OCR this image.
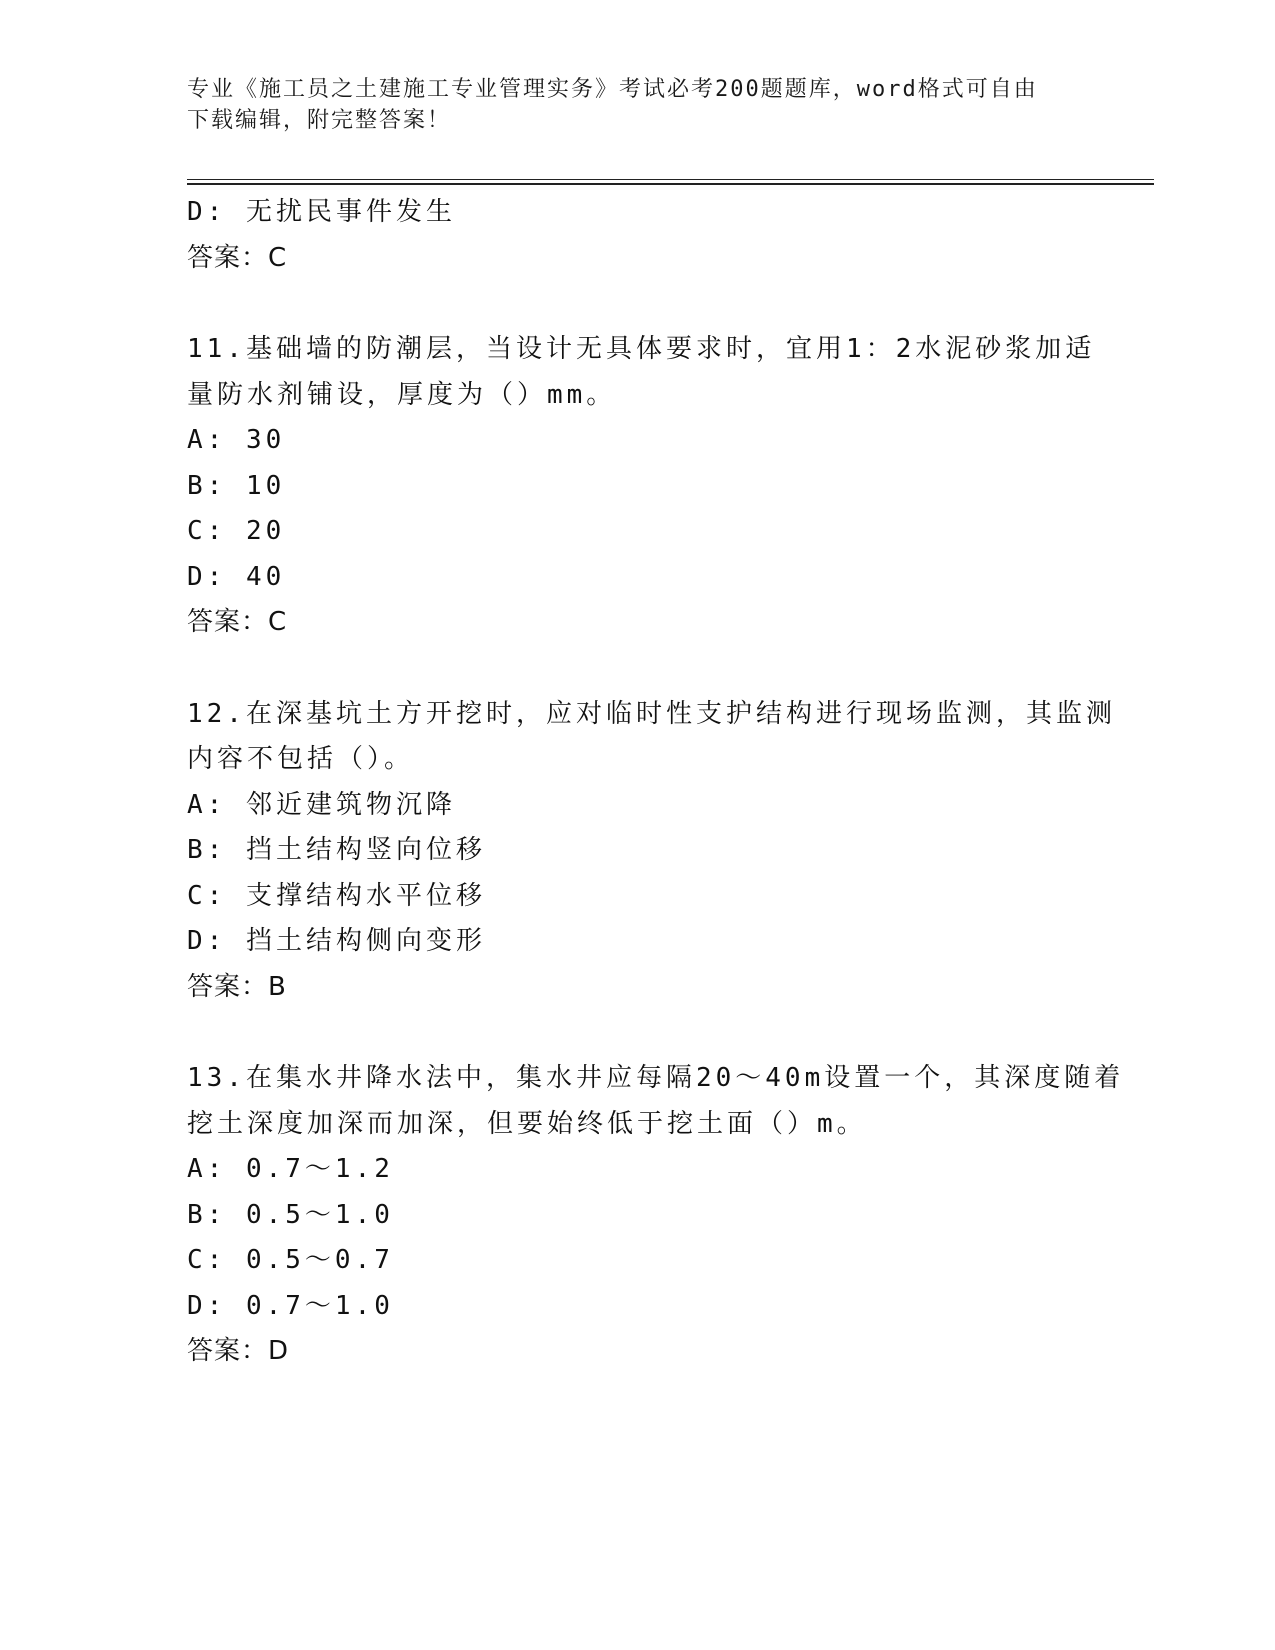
专业《施工员之土建施工专业管理实务》考试必考200题题库，word格式可自由
下载编辑，附完整答案！
D: 无扰民事件发生
答案：C
11.基础墙的防潮层，当设计无具体要求时，宜用1：2水泥砂浆加适
量防水剂铺设，厚度为（）mm。
A: 30
B: 10
C: 20
D: 40
答案：C
12.在深基坑土方开挖时，应对临时性支护结构进行现场监测，其监测
内容不包括（）。
A: 邻近建筑物沉降
B: 挡土结构竖向位移
C: 支撑结构水平位移
D: 挡土结构侧向变形
答案：B
13.在集水井降水法中，集水井应每隔20～40m设置一个，其深度随着
挖土深度加深而加深，但要始终低于挖土面（）m。
A: 0.7～1.2
B: 0.5～1.0
C: 0.5～0.7
D: 0.7～1.0
答案：D
